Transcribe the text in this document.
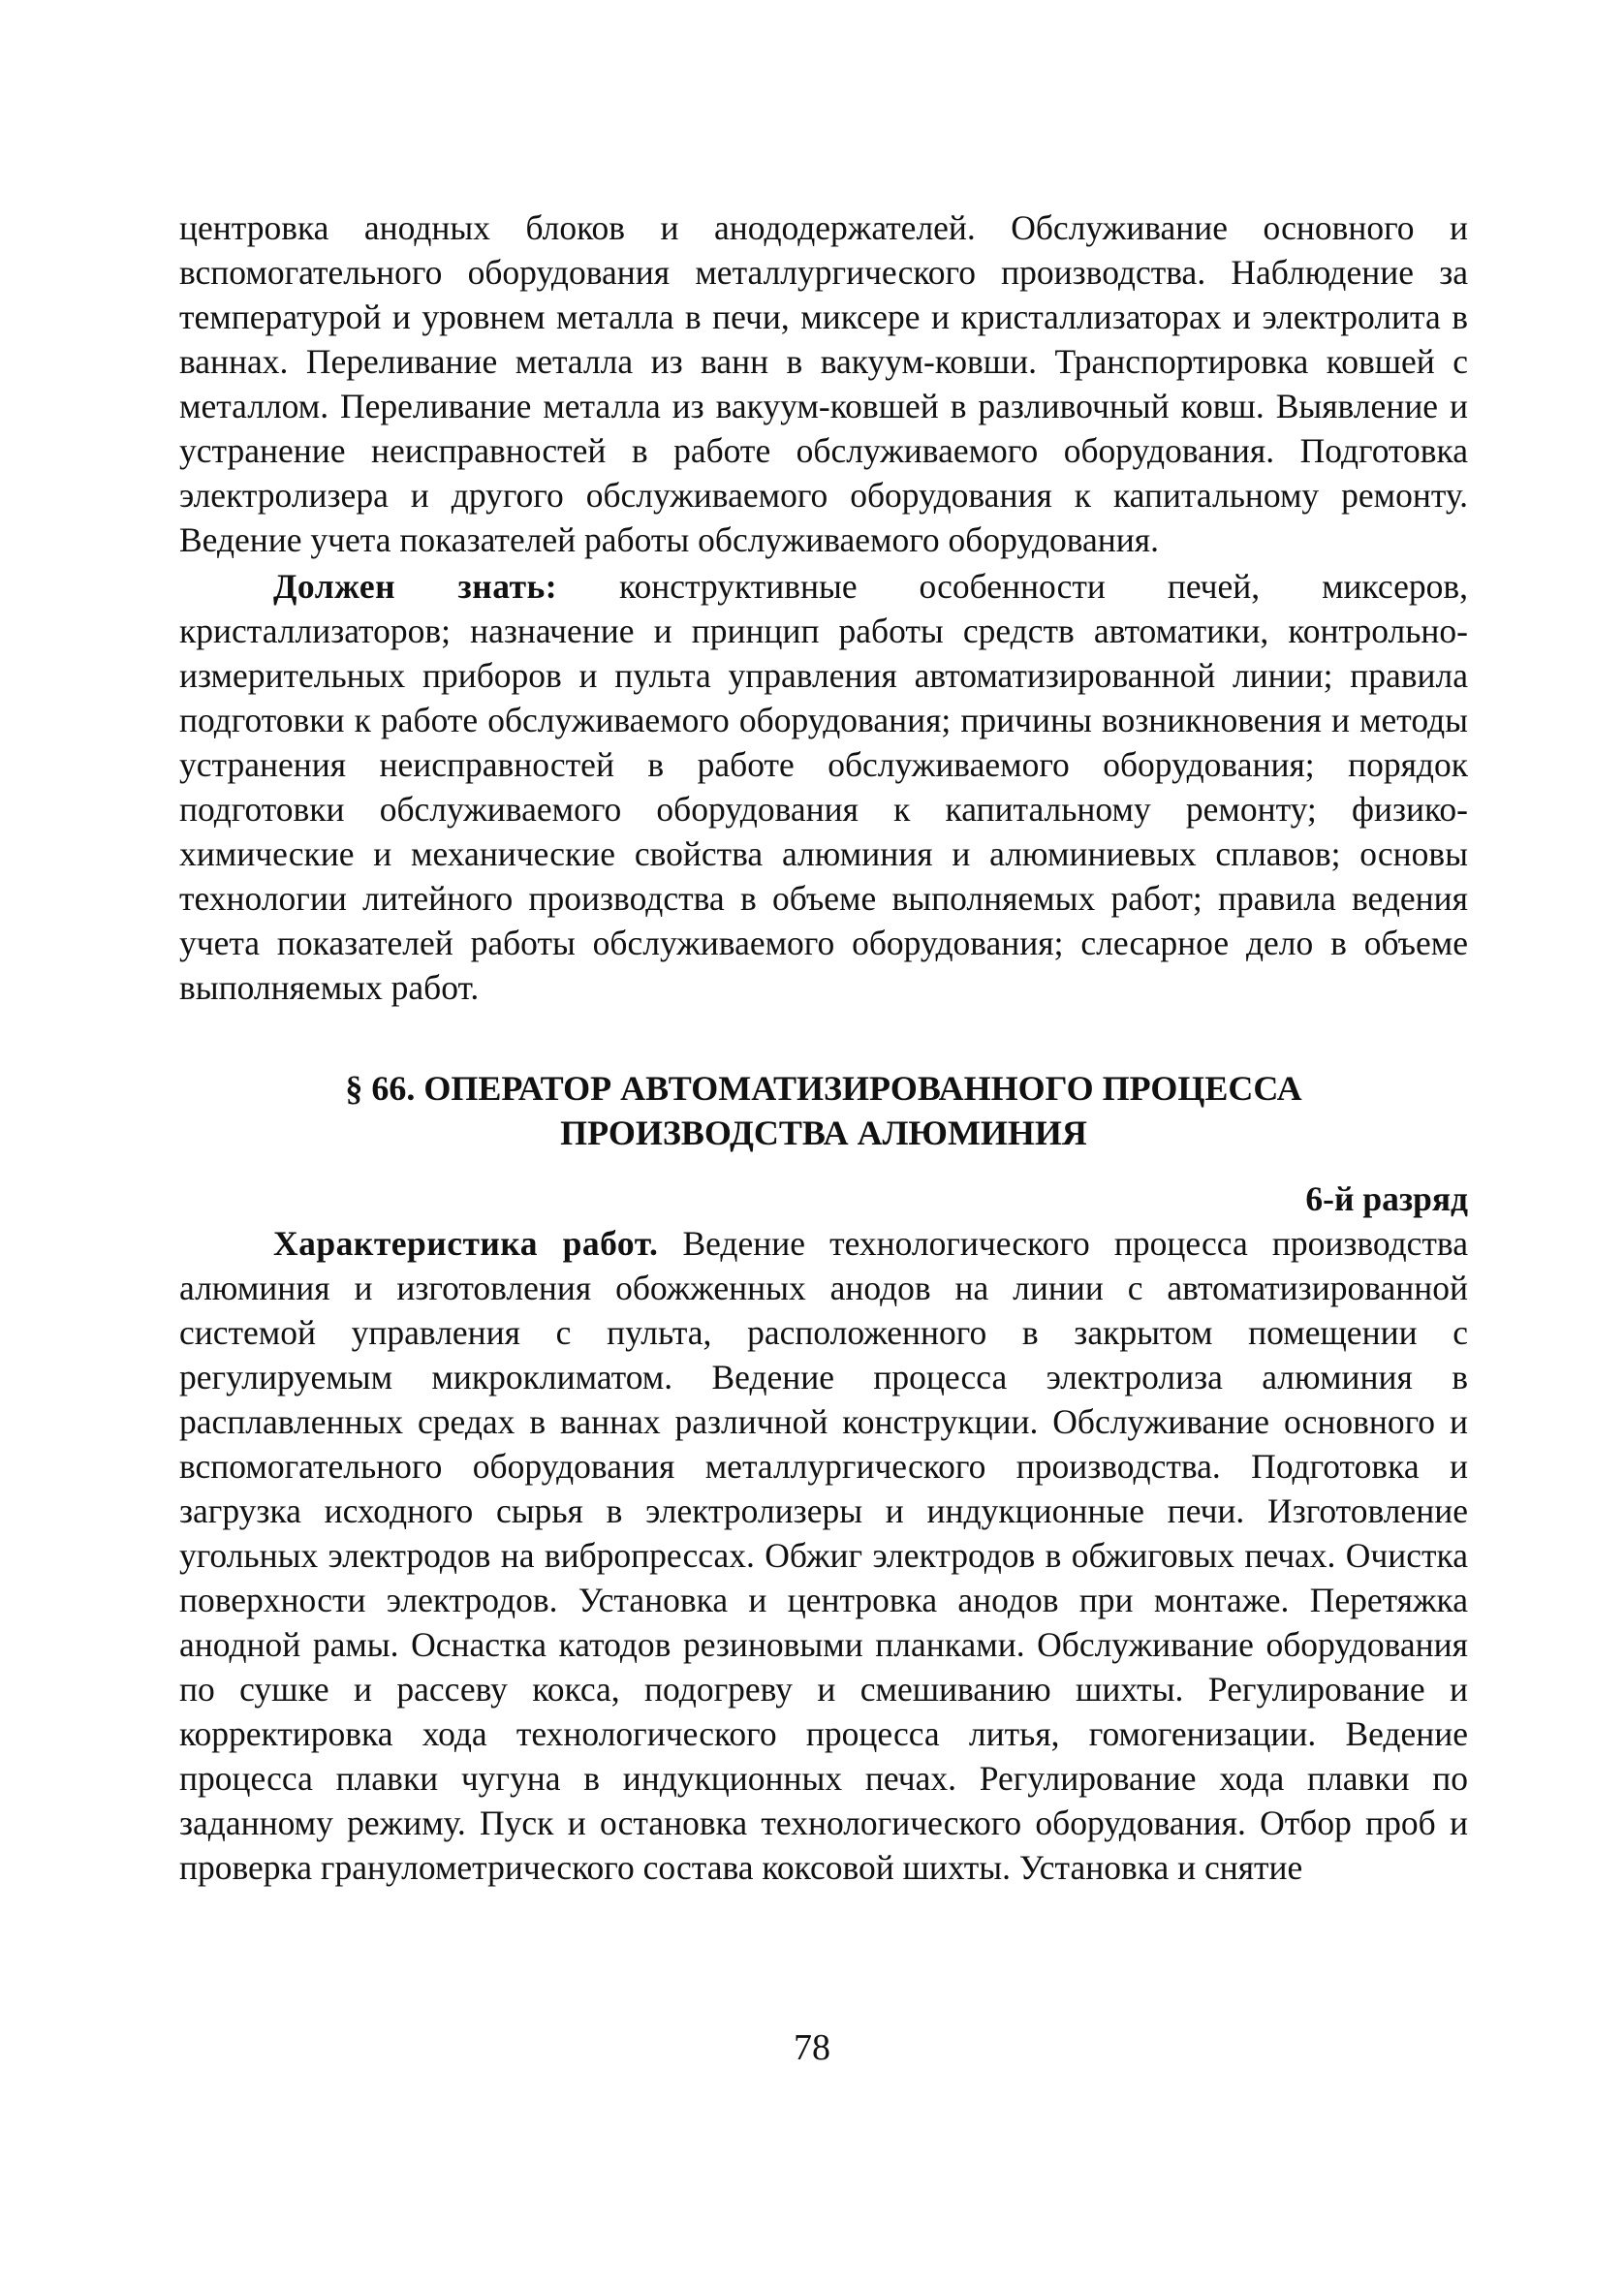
центровка анодных блоков и анододержателей. Обслуживание основного и вспомогательного оборудования металлургического производства. Наблюдение за температурой и уровнем металла в печи, миксере и кристаллизаторах и электролита в ваннах. Переливание металла из ванн в вакуум-ковши. Транспортировка ковшей с металлом. Переливание металла из вакуум-ковшей в разливочный ковш. Выявление и устранение неисправностей в работе обслуживаемого оборудования. Подготовка электролизера и другого обслуживаемого оборудования к капитальному ремонту. Ведение учета показателей работы обслуживаемого оборудования.

Должен знать: конструктивные особенности печей, миксеров, кристаллизаторов; назначение и принцип работы средств автоматики, контрольно-измерительных приборов и пульта управления автоматизированной линии; правила подготовки к работе обслуживаемого оборудования; причины возникновения и методы устранения неисправностей в работе обслуживаемого оборудования; порядок подготовки обслуживаемого оборудования к капитальному ремонту; физико-химические и механические свойства алюминия и алюминиевых сплавов; основы технологии литейного производства в объеме выполняемых работ; правила ведения учета показателей работы обслуживаемого оборудования; слесарное дело в объеме выполняемых работ.

§ 66. ОПЕРАТОР АВТОМАТИЗИРОВАННОГО ПРОЦЕССА
ПРОИЗВОДСТВА АЛЮМИНИЯ
6-й разряд

Характеристика работ. Ведение технологического процесса производства алюминия и изготовления обожженных анодов на линии с автоматизированной системой управления с пульта, расположенного в закрытом помещении с регулируемым микроклиматом. Ведение процесса электролиза алюминия в расплавленных средах в ваннах различной конструкции. Обслуживание основного и вспомогательного оборудования металлургического производства. Подготовка и загрузка исходного сырья в электролизеры и индукционные печи. Изготовление угольных электродов на вибропрессах. Обжиг электродов в обжиговых печах. Очистка поверхности электродов. Установка и центровка анодов при монтаже. Перетяжка анодной рамы. Оснастка катодов резиновыми планками. Обслуживание оборудования по сушке и рассеву кокса, подогреву и смешиванию шихты. Регулирование и корректировка хода технологического процесса литья, гомогенизации. Ведение процесса плавки чугуна в индукционных печах. Регулирование хода плавки по заданному режиму. Пуск и остановка технологического оборудования. Отбор проб и проверка гранулометрического состава коксовой шихты. Установка и снятие

78
